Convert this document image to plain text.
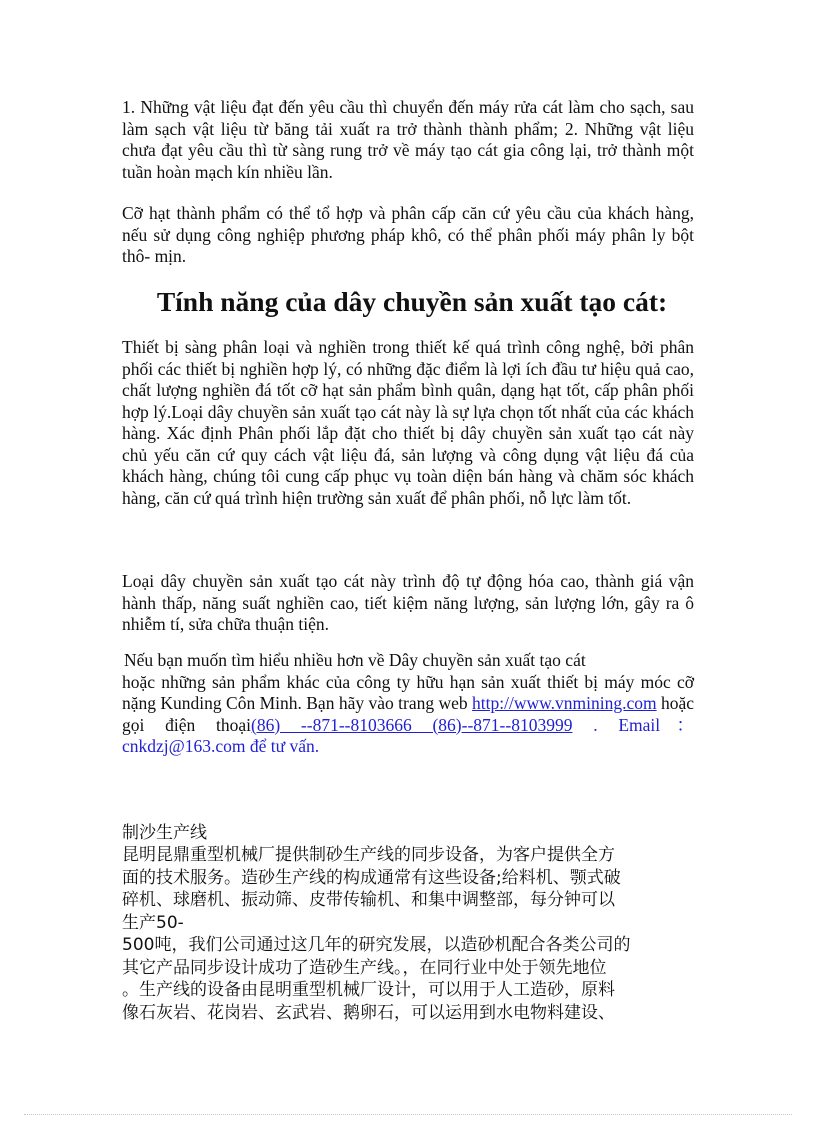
1. Những vật liệu đạt đến yêu cầu thì chuyển đến máy rửa cát làm cho sạch, sau làm sạch vật liệu từ băng tải xuất ra trở thành thành phẩm; 2. Những vật liệu chưa đạt yêu cầu thì từ sàng rung trở về máy tạo cát gia công lại, trở thành một tuần hoàn mạch kín nhiều lần.

Cỡ hạt thành phẩm có thể tổ hợp và phân cấp căn cứ yêu cầu của khách hàng, nếu sử dụng công nghiệp phương pháp khô, có thể phân phối máy phân ly bột thô- mịn.

Tính năng của dây chuyền sản xuất tạo cát:

Thiết bị sàng phân loại và nghiền trong thiết kế quá trình công nghệ, bởi phân phối các thiết bị nghiền hợp lý, có những đặc điểm là lợi ích đầu tư hiệu quả cao, chất lượng nghiền đá tốt cỡ hạt sản phẩm bình quân, dạng hạt tốt, cấp phân phối hợp lý.Loại dây chuyền sản xuất tạo cát này là sự lựa chọn tốt nhất của các khách hàng. Xác định Phân phối lắp đặt cho thiết bị dây chuyền sản xuất tạo cát này chủ yếu căn cứ quy cách vật liệu đá, sản lượng và công dụng vật liệu đá của khách hàng, chúng tôi cung cấp phục vụ toàn diện bán hàng và chăm sóc khách hàng, căn cứ quá trình hiện trường sản xuất để phân phối, nỗ lực làm tốt.

Loại dây chuyền sản xuất tạo cát này trình độ tự động hóa cao, thành giá vận hành thấp, năng suất nghiền cao, tiết kiệm năng lượng, sản lượng lớn, gây ra ô nhiễm tí, sửa chữa thuận tiện.

Nếu bạn muốn tìm hiểu nhiều hơn về Dây chuyền sản xuất tạo cát
hoặc những sản phẩm khác của công ty hữu hạn sản xuất thiết bị máy móc cỡ nặng Kunding Côn Minh. Bạn hãy vào trang web http://www.vnmining.com hoặc gọi điện thoại(86) --871--8103666 (86)--871--8103999 . Email： cnkdzj@163.com để tư vấn.

制沙生产线
昆明昆鼎重型机械厂提供制砂生产线的同步设备，为客户提供全方
面的技术服务。造砂生产线的构成通常有这些设备;给料机、颚式破
碎机、球磨机、振动筛、皮带传输机、和集中调整部，每分钟可以
生产50-
500吨，我们公司通过这几年的研究发展，以造砂机配合各类公司的
其它产品同步设计成功了造砂生产线。，在同行业中处于领先地位
。生产线的设备由昆明重型机械厂设计，可以用于人工造砂，原料
像石灰岩、花岗岩、玄武岩、鹅卵石，可以运用到水电物料建设、
